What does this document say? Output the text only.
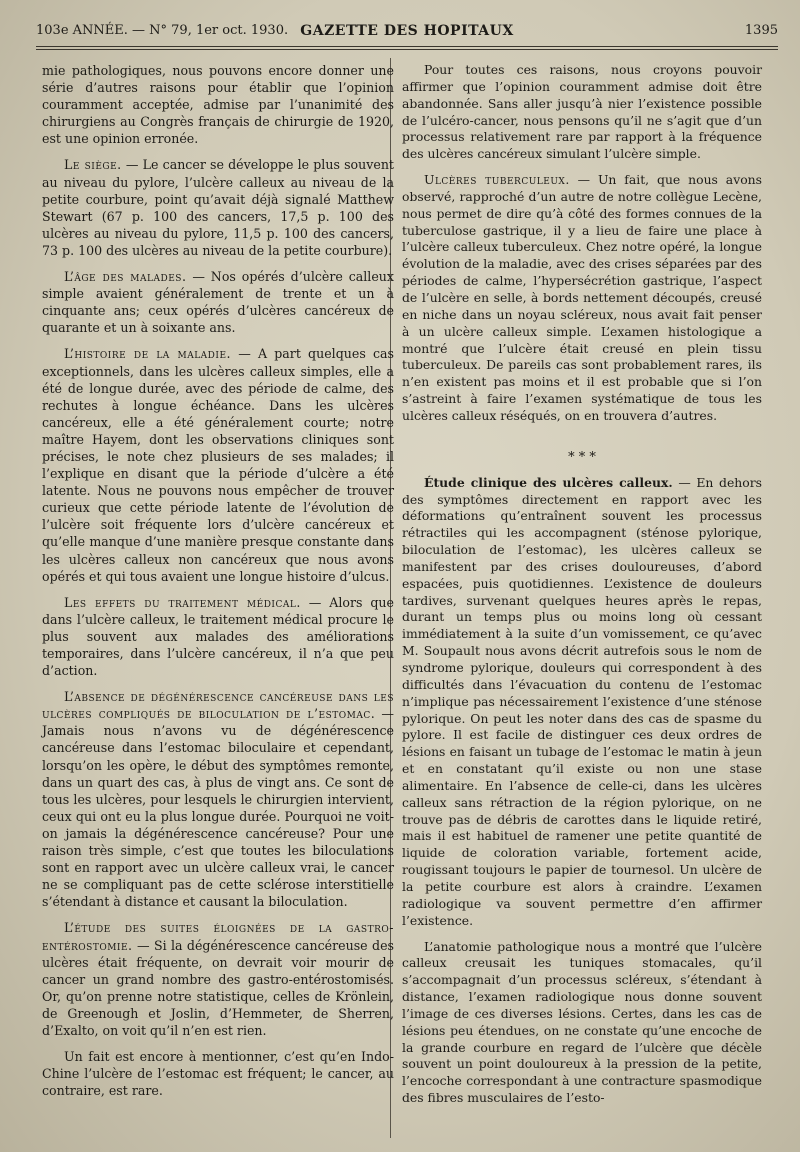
103e ANNÉE. — N° 79, 1er oct. 1930. GAZETTE DES HOPITAUX	1395

mie pathologiques, nous pouvons encore donner une série d’autres raisons pour établir que l’opinion couramment acceptée, admise par l’unanimité des chirurgiens au Congrès français de chirurgie de 1920, est une opinion erronée.

Le siège. — Le cancer se développe le plus souvent au niveau du pylore, l’ulcère calleux au niveau de la petite courbure, point qu’avait déjà signalé Matthew Stewart (67 p. 100 des cancers, 17,5 p. 100 des ulcères au niveau du pylore, 11,5 p. 100 des cancers, 73 p. 100 des ulcères au niveau de la petite courbure).

L’âge des malades. — Nos opérés d’ulcère calleux simple avaient généralement de trente et un à cinquante ans; ceux opérés d’ulcères cancéreux de quarante et un à soixante ans.

L’histoire de la maladie. — A part quelques cas exceptionnels, dans les ulcères calleux simples, elle a été de longue durée, avec des période de calme, des rechutes à longue échéance. Dans les ulcères cancéreux, elle a été généralement courte; notre maître Hayem, dont les observations cliniques sont précises, le note chez plusieurs de ses malades; il l’explique en disant que la période d’ulcère a été latente. Nous ne pouvons nous empêcher de trouver curieux que cette période latente de l’évolution de l’ulcère soit fréquente lors d’ulcère cancéreux et qu’elle manque d’une manière presque constante dans les ulcères calleux non cancéreux que nous avons opérés et qui tous avaient une longue histoire d’ulcus.

Les effets du traitement médical. — Alors que dans l’ulcère calleux, le traitement médical procure le plus souvent aux malades des améliorations temporaires, dans l’ulcère cancéreux, il n’a que peu d’action.

L’absence de dégénérescence cancéreuse dans les ulcères compliqués de biloculation de l’estomac. — Jamais nous n’avons vu de dégénérescence cancéreuse dans l’estomac biloculaire et cependant, lorsqu’on les opère, le début des symptômes remonte, dans un quart des cas, à plus de vingt ans. Ce sont de tous les ulcères, pour lesquels le chirurgien intervient, ceux qui ont eu la plus longue durée. Pourquoi ne voit-on jamais la dégénérescence cancéreuse? Pour une raison très simple, c’est que toutes les biloculations sont en rapport avec un ulcère calleux vrai, le cancer ne se compliquant pas de cette sclérose interstitielle s’étendant à distance et causant la biloculation.

L’étude des suites éloignées de la gastro-entérostomie. — Si la dégénérescence cancéreuse des ulcères était fréquente, on devrait voir mourir de cancer un grand nombre des gastro-entérostomisés. Or, qu’on prenne notre statistique, celles de Krönlein, de Greenough et Joslin, d’Hemmeter, de Sherren, d’Exalto, on voit qu’il n’en est rien.

Un fait est encore à mentionner, c’est qu’en Indo-Chine l’ulcère de l’estomac est fréquent; le cancer, au contraire, est rare.

Pour toutes ces raisons, nous croyons pouvoir affirmer que l’opinion couramment admise doit être abandonnée. Sans aller jusqu’à nier l’existence possible de l’ulcéro-cancer, nous pensons qu’il ne s’agit que d’un processus relativement rare par rapport à la fréquence des ulcères cancéreux simulant l’ulcère simple.

Ulcères tuberculeux. — Un fait, que nous avons observé, rapproché d’un autre de notre collègue Lecène, nous permet de dire qu’à côté des formes connues de la tuberculose gastrique, il y a lieu de faire une place à l’ulcère calleux tuberculeux. Chez notre opéré, la longue évolution de la maladie, avec des crises séparées par des périodes de calme, l’hypersécrétion gastrique, l’aspect de l’ulcère en selle, à bords nettement découpés, creusé en niche dans un noyau scléreux, nous avait fait penser à un ulcère calleux simple. L’examen histologique a montré que l’ulcère était creusé en plein tissu tuberculeux. De pareils cas sont probablement rares, ils n’en existent pas moins et il est probable que si l’on s’astreint à faire l’examen systématique de tous les ulcères calleux réséqués, on en trouvera d’autres.

* * *

Étude clinique des ulcères calleux. — En dehors des symptômes directement en rapport avec les déformations qu’entraînent souvent les processus rétractiles qui les accompagnent (sténose pylorique, biloculation de l’estomac), les ulcères calleux se manifestent par des crises douloureuses, d’abord espacées, puis quotidiennes. L’existence de douleurs tardives, survenant quelques heures après le repas, durant un temps plus ou moins long où cessant immédiatement à la suite d’un vomissement, ce qu’avec M. Soupault nous avons décrit autrefois sous le nom de syndrome pylorique, douleurs qui correspondent à des difficultés dans l’évacuation du contenu de l’estomac n’implique pas nécessairement l’existence d’une sténose pylorique. On peut les noter dans des cas de spasme du pylore. Il est facile de distinguer ces deux ordres de lésions en faisant un tubage de l’estomac le matin à jeun et en constatant qu’il existe ou non une stase alimentaire. En l’absence de celle-ci, dans les ulcères calleux sans rétraction de la région pylorique, on ne trouve pas de débris de carottes dans le liquide retiré, mais il est habituel de ramener une petite quantité de liquide de coloration variable, fortement acide, rougissant toujours le papier de tournesol. Un ulcère de la petite courbure est alors à craindre. L’examen radiologique va souvent permettre d’en affirmer l’existence.

L’anatomie pathologique nous a montré que l’ulcère calleux creusait les tuniques stomacales, qu’il s’accompagnait d’un processus scléreux, s’étendant à distance, l’examen radiologique nous donne souvent l’image de ces diverses lésions. Certes, dans les cas de lésions peu étendues, on ne constate qu’une encoche de la grande courbure en regard de l’ulcère que décèle souvent un point douloureux à la pression de la petite, l’encoche correspondant à une contracture spasmodique des fibres musculaires de l’esto-
